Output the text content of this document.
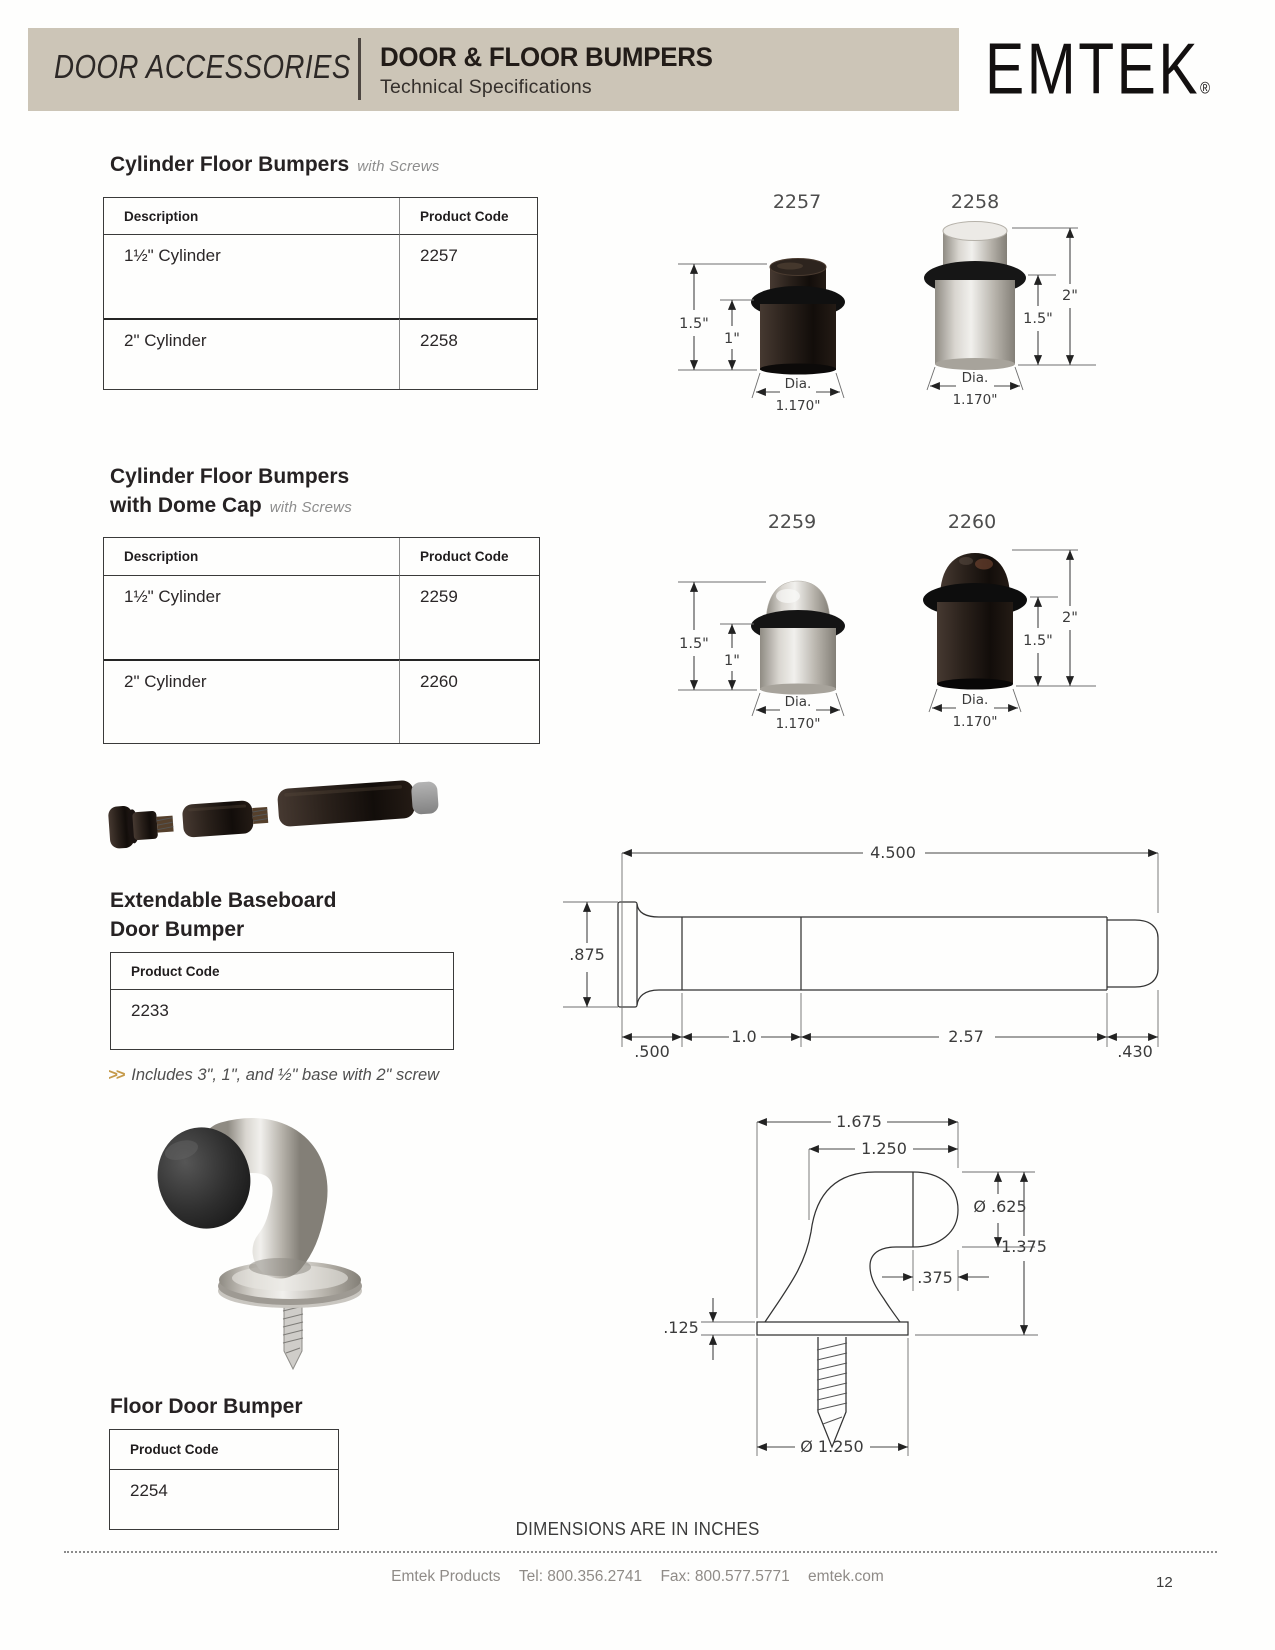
DOOR ACCESSORIES DOOR & FLOOR BUMPERS
Technical Specifications	EMTEK®
Cylinder Floor Bumpers with Screws
Description	Product Code
1½" Cylinder	2257
2" Cylinder	2258
2257
1.5"
1"
Dia.
1.170"
2258
1.5"
2"
Dia.
1.170"
Cylinder Floor Bumpers
with Dome Cap with Screws
Description	Product Code
1½" Cylinder	2259
2" Cylinder	2260
2259
1.5"
1"
Dia.
1.170"
2260
1.5"
2"
Dia.
1.170"
Extendable Baseboard
Door Bumper
Product Code
2233
>> Includes 3", 1", and ½" base with 2" screw
4.500
.875
.500
1.0	2.57
.430
Floor Door Bumper
Product Code
2254
1.675
1.250
Ø .625
1.375
.375
.125
Ø 1.250
DIMENSIONS ARE IN INCHES
Emtek Products Tel: 800.356.2741 Fax: 800.577.5771 emtek.com	12
